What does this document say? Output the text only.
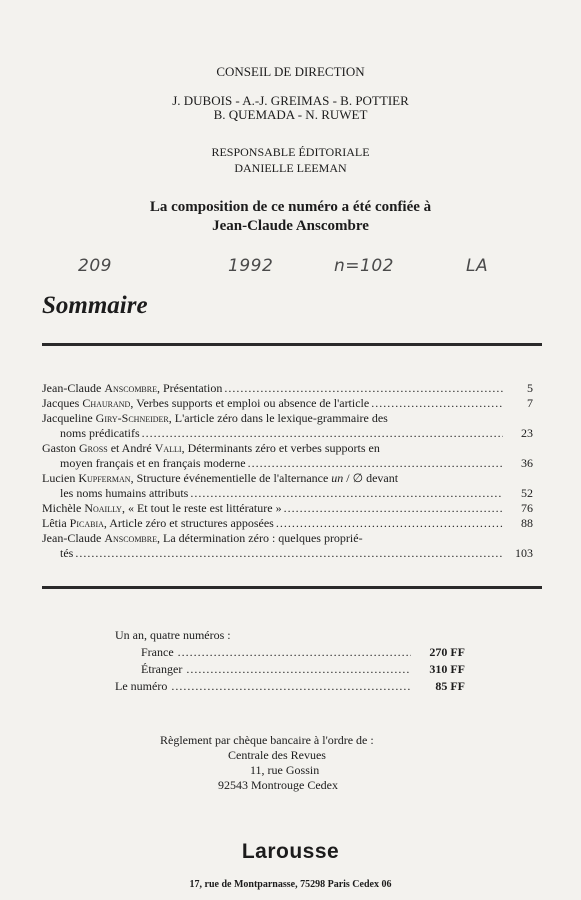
CONSEIL DE DIRECTION
J. DUBOIS - A.-J. GREIMAS - B. POTTIER
B. QUEMADA - N. RUWET
RESPONSABLE ÉDITORIALE
DANIELLE LEEMAN
La composition de ce numéro a été confiée à
Jean-Claude Anscombre
209	1992	n=102	LA
Sommaire
Jean-Claude Anscombre, Présentation .....	5
Jacques Chaurand, Verbes supports et emploi ou absence de l'article .....	7
Jacqueline Giry-Schneider, L'article zéro dans le lexique-grammaire des
noms prédicatifs .....	23
Gaston Gross et André Valli, Déterminants zéro et verbes supports en
moyen français et en français moderne .....	36
Lucien Kupferman, Structure événementielle de l'alternance un / ∅ devant
les noms humains attributs .....	52
Michèle Noailly, « Et tout le reste est littérature » .....	76
Lêtia Picabia, Article zéro et structures apposées .....	88
Jean-Claude Anscombre, La détermination zéro : quelques proprié-
tés .....	103
Un an, quatre numéros :
France .....	270 FF
Étranger .....	310 FF
Le numéro .....	85 FF
Règlement par chèque bancaire à l'ordre de :
Centrale des Revues
11, rue Gossin
92543 Montrouge Cedex
Larousse
17, rue de Montparnasse, 75298 Paris Cedex 06
